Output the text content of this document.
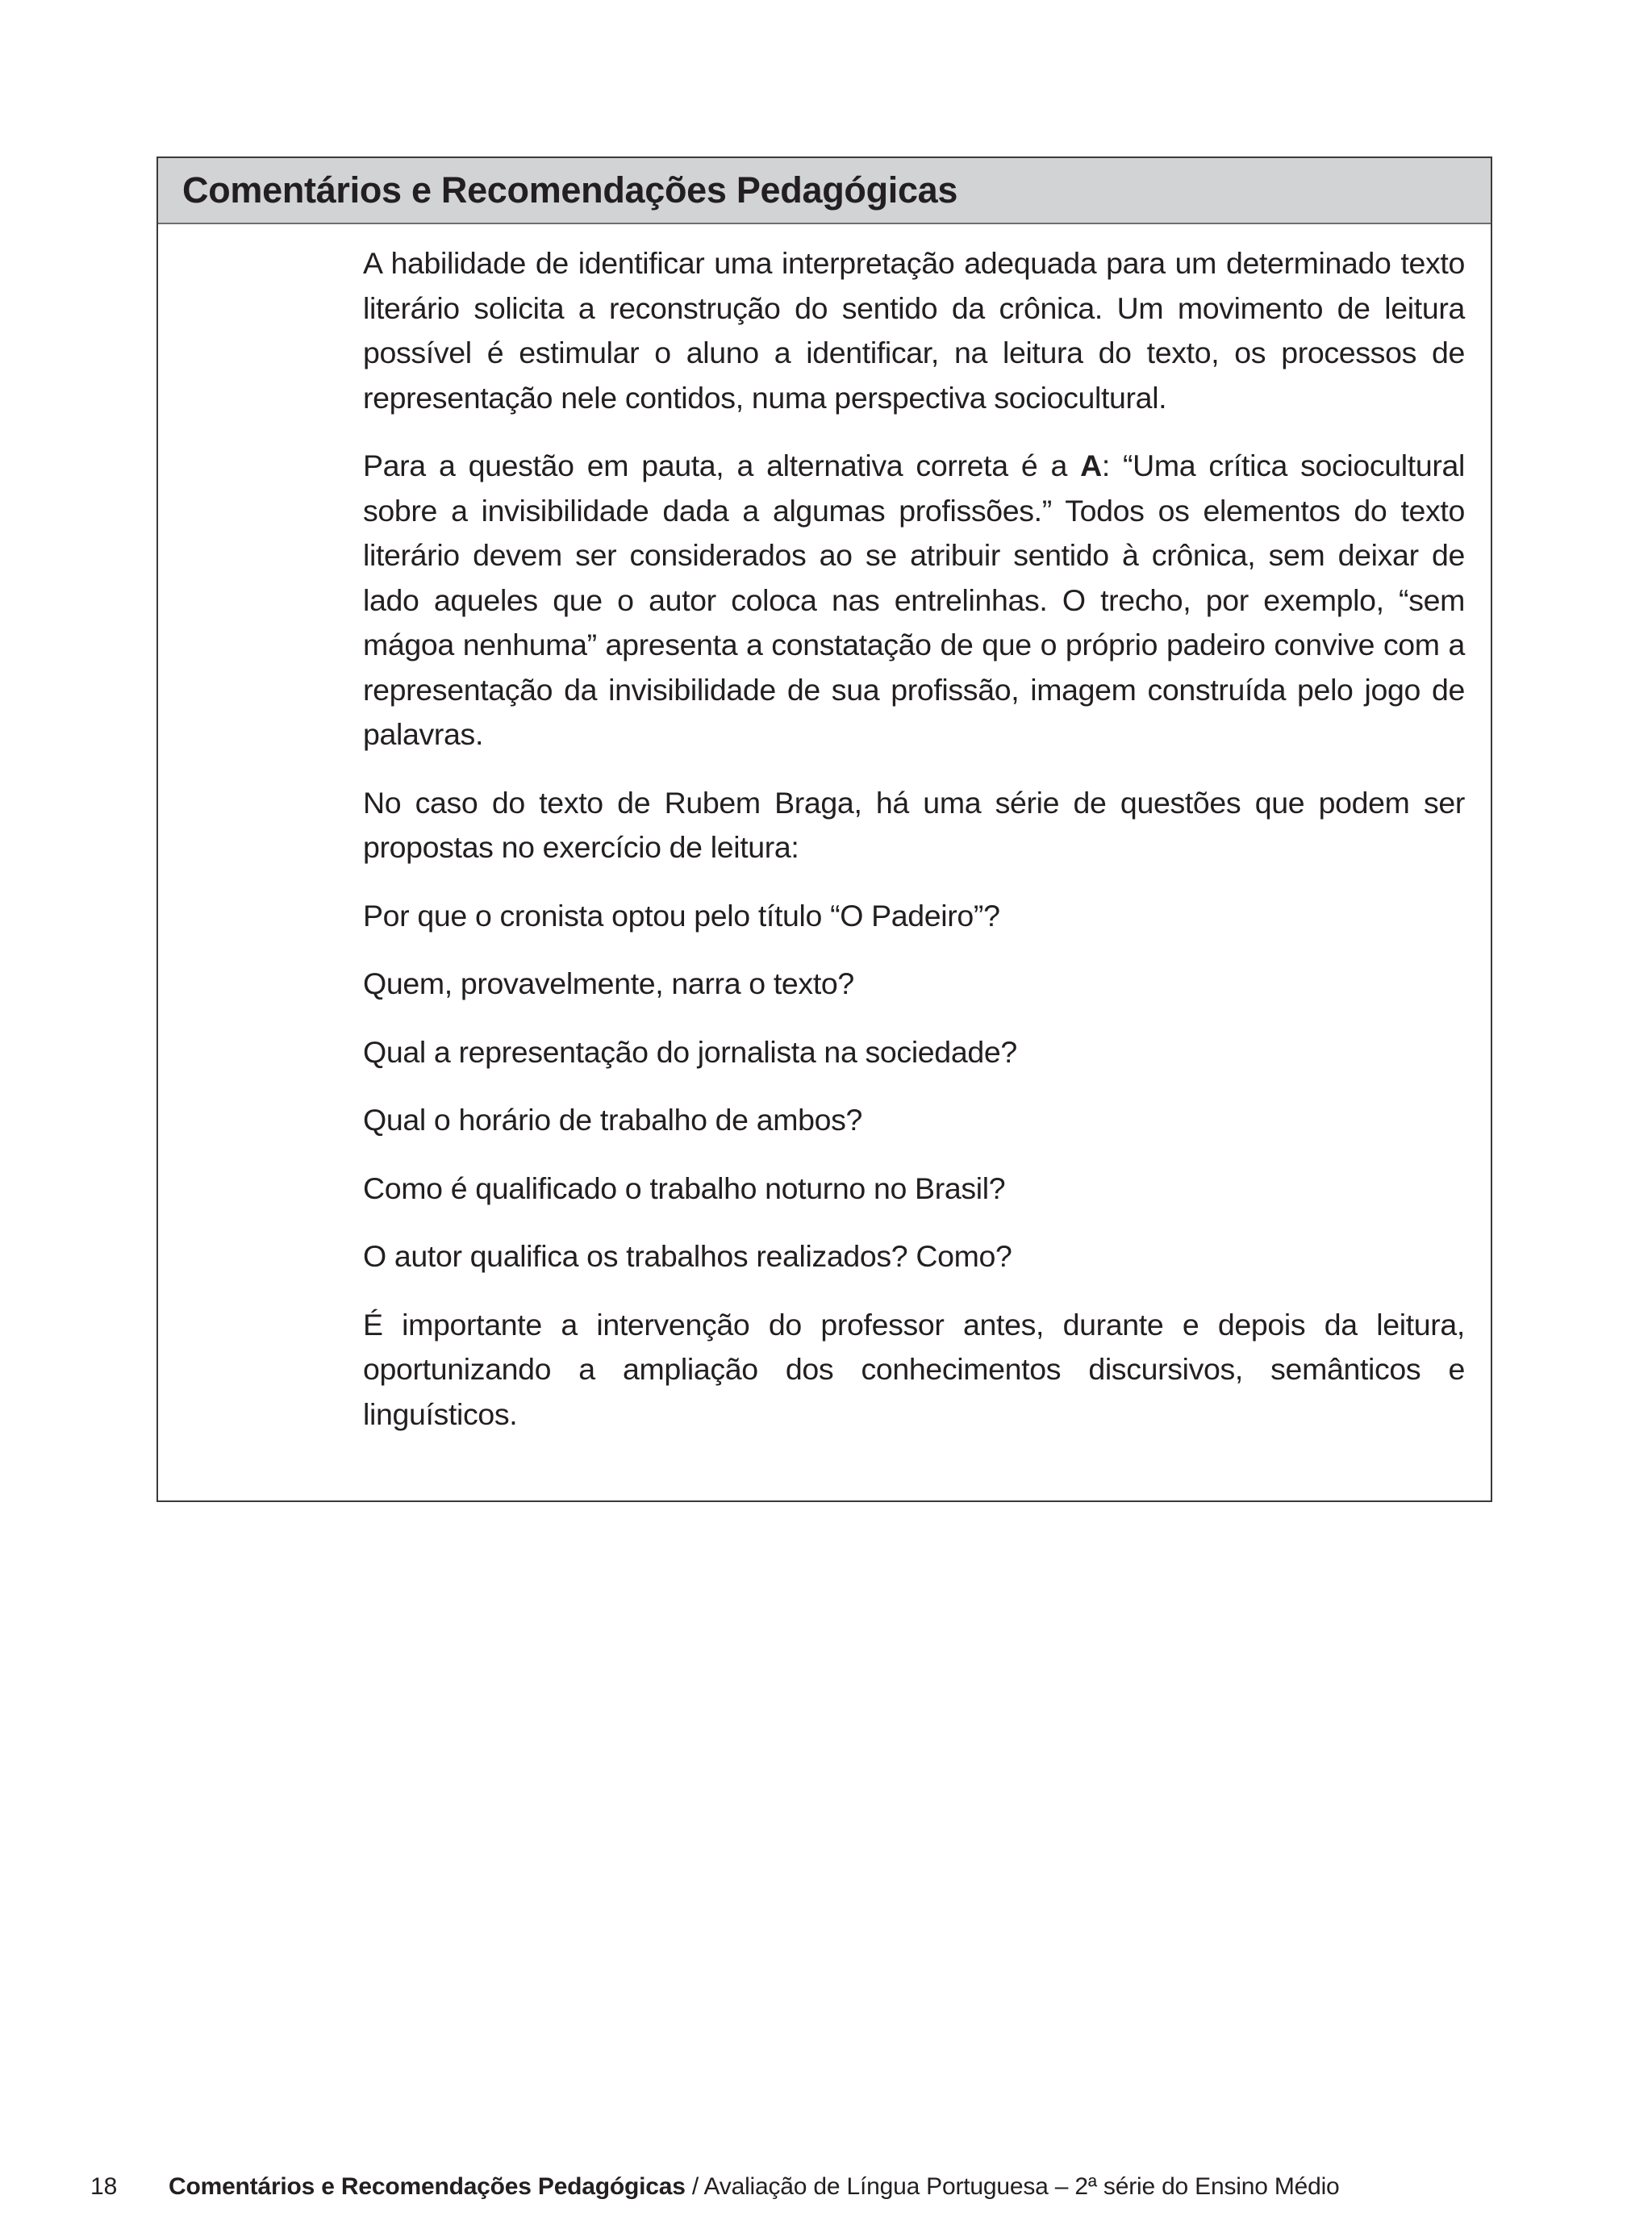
Comentários e Recomendações Pedagógicas

A habilidade de identificar uma interpretação adequada para um determinado texto literário solicita a reconstrução do sentido da crônica. Um movimento de leitura possível é estimular o aluno a identificar, na leitura do texto, os processos de representação nele contidos, numa perspectiva sociocultural.

Para a questão em pauta, a alternativa correta é a A: “Uma crítica sociocultural sobre a invisibilidade dada a algumas profissões.” Todos os elementos do texto literário devem ser considerados ao se atribuir sentido à crônica, sem deixar de lado aqueles que o autor coloca nas entrelinhas. O trecho, por exemplo, “sem mágoa nenhuma” apresenta a constatação de que o próprio padeiro convive com a representação da invisibilidade de sua profissão, imagem construída pelo jogo de palavras.

No caso do texto de Rubem Braga, há uma série de questões que podem ser propostas no exercício de leitura:

Por que o cronista optou pelo título “O Padeiro”?

Quem, provavelmente, narra o texto?

Qual a representação do jornalista na sociedade?

Qual o horário de trabalho de ambos?

Como é qualificado o trabalho noturno no Brasil?

O autor qualifica os trabalhos realizados? Como?

É importante a intervenção do professor antes, durante e depois da leitura, oportunizando a ampliação dos conhecimentos discursivos, semânticos e linguísticos.

18 Comentários e Recomendações Pedagógicas / Avaliação de Língua Portuguesa – 2ª série do Ensino Médio
